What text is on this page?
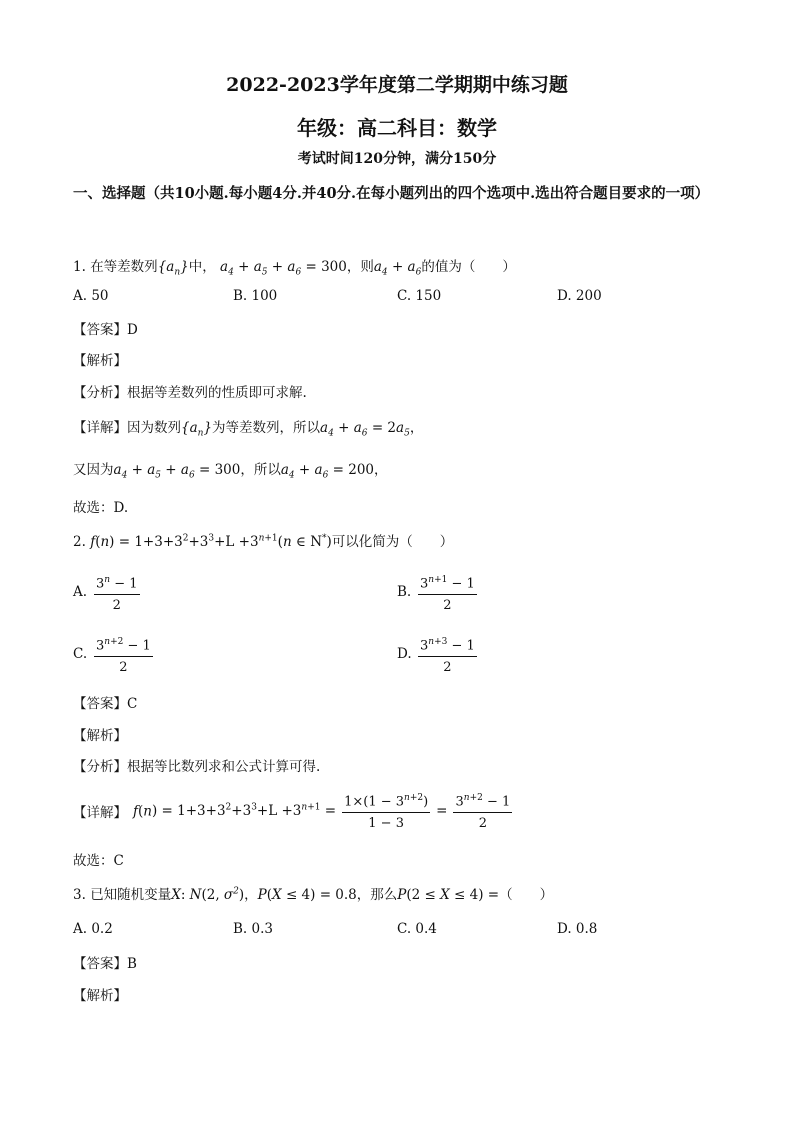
2022-2023学年度第二学期期中练习题
年级：高二科目：数学
考试时间120分钟，满分150分
一、选择题（共10小题.每小题4分.并40分.在每小题列出的四个选项中.选出符合题目要求的一项）
1. 在等差数列$\{a_n\}$中， $a_4 + a_5 + a_6 = 300$，则$a_4 + a_6$的值为（　　）
A. 50	B. 100	C. 150	D. 200
【答案】D
【解析】
【分析】根据等差数列的性质即可求解.
【详解】因为数列$\{a_n\}$为等差数列，所以$a_4 + a_6 = 2a_5$，
又因为$a_4 + a_5 + a_6 = 300$，所以$a_4 + a_6 = 200$，
故选：D.
2. $f(n) = 1+3+3^2+3^3+L +3^{n+1}(n$ ∈ N*)可以化简为（　　）
A. $\frac{3^n - 1}{2}$	B. $\frac{3^{n+1} - 1}{2}$
C. $\frac{3^{n+2} - 1}{2}$	D. $\frac{3^{n+3} - 1}{2}$
【答案】C
【解析】
【分析】根据等比数列求和公式计算可得.
【详解】 $f(n) = 1+3+3^2+3^3+L +3^{n+1} = \frac{1\times(1 - 3^{n+2})}{1 - 3} = \frac{3^{n+2} - 1}{2}$
故选：C
3. 已知随机变量X: N(2, $\sigma^2$)，P(X ≤ 4) = 0.8，那么P(2 ≤ X ≤ 4) =（　　）
A. 0.2	B. 0.3	C. 0.4	D. 0.8
【答案】B
【解析】
